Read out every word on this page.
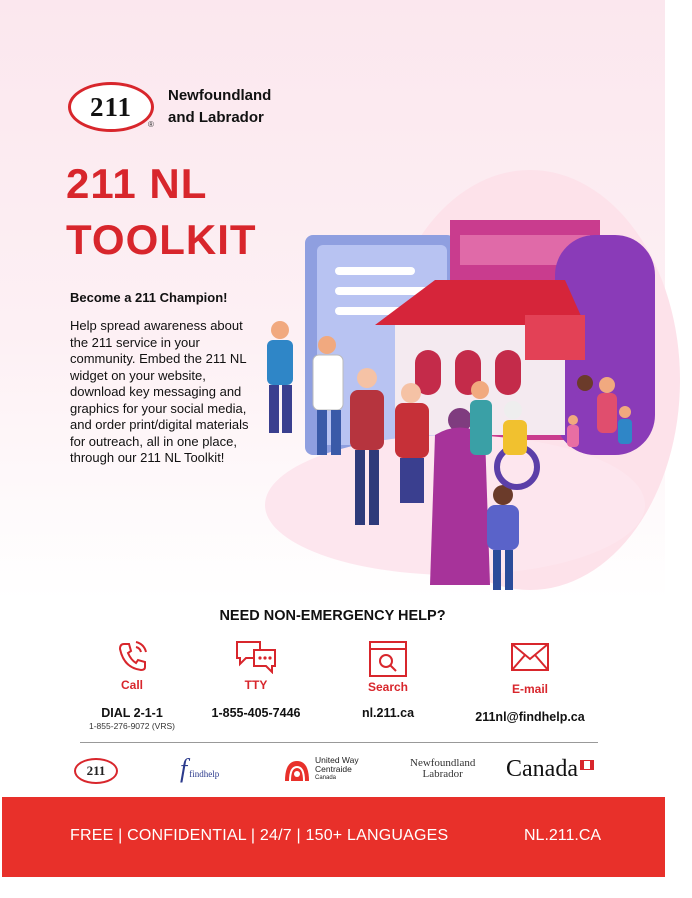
211
®
Newfoundland
and Labrador
211 NL
TOOLKIT
Become a 211 Champion!
Help spread awareness about the 211 service in your community. Embed the 211 NL widget on your website, download key messaging and graphics for your social media, and order print/digital materials for outreach, all in one place, through our 211 NL Toolkit!
NEED NON-EMERGENCY HELP?
Call
DIAL 2-1-1
1-855-276-9072 (VRS)
TTY
1-855-405-7446
Search
nl.211.ca
E-mail
211nl@findhelp.ca
211	ffindhelp
United Way
Centraide
Canada
Newfoundland
Labrador	Canada
FREE | CONFIDENTIAL | 24/7 | 150+ LANGUAGES	NL.211.CA
